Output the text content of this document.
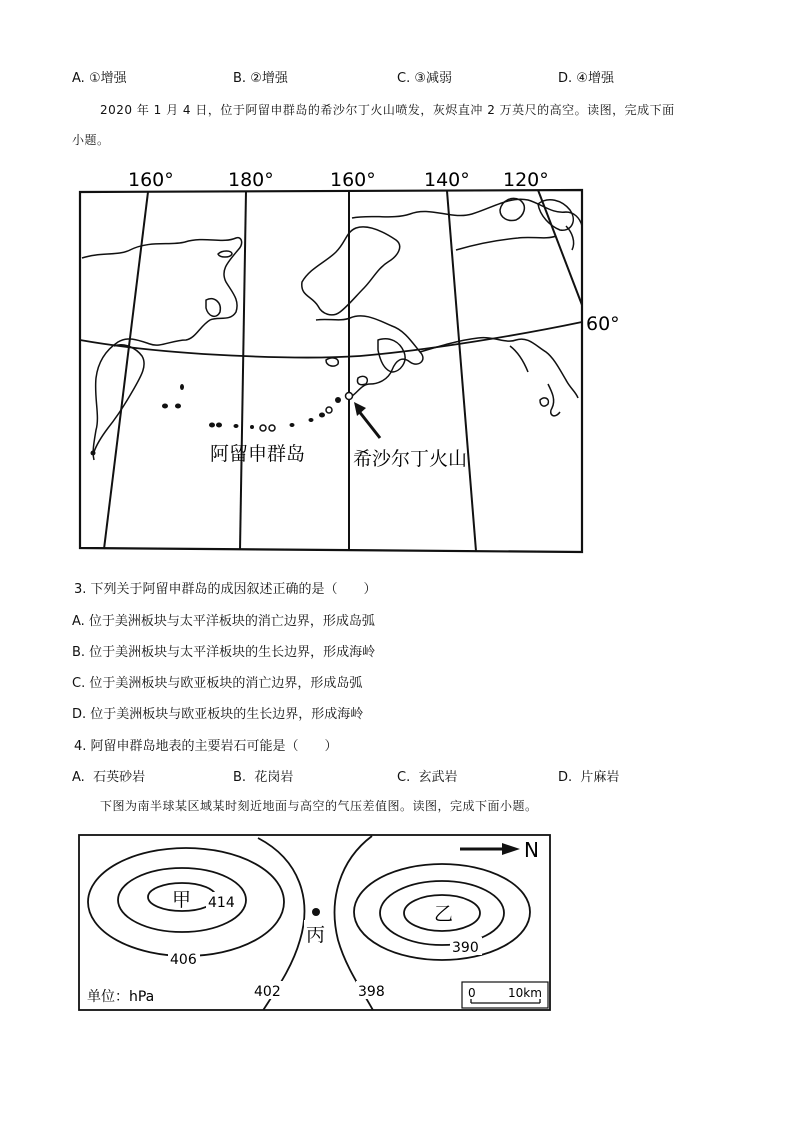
A. ①增强	B. ②增强	C. ③减弱	D. ④增强
2020 年 1 月 4 日，位于阿留申群岛的希沙尔丁火山喷发，灰烬直冲 2 万英尺的高空。读图，完成下面
小题。
160°	180°	160°	140° 120°
60°
阿留申群岛	希沙尔丁火山
3. 下列关于阿留申群岛的成因叙述正确的是（　　）
A. 位于美洲板块与太平洋板块的消亡边界，形成岛弧
B. 位于美洲板块与太平洋板块的生长边界，形成海岭
C. 位于美洲板块与欧亚板块的消亡边界，形成岛弧
D. 位于美洲板块与欧亚板块的生长边界，形成海岭
4. 阿留申群岛地表的主要岩石可能是（　　）
A. 石英砂岩	B. 花岗岩	C. 玄武岩	D. 片麻岩
下图为南半球某区域某时刻近地面与高空的气压差值图。读图，完成下面小题。
N
甲 414	乙
丙
406
390
402	398
单位：hPa	0	10km
